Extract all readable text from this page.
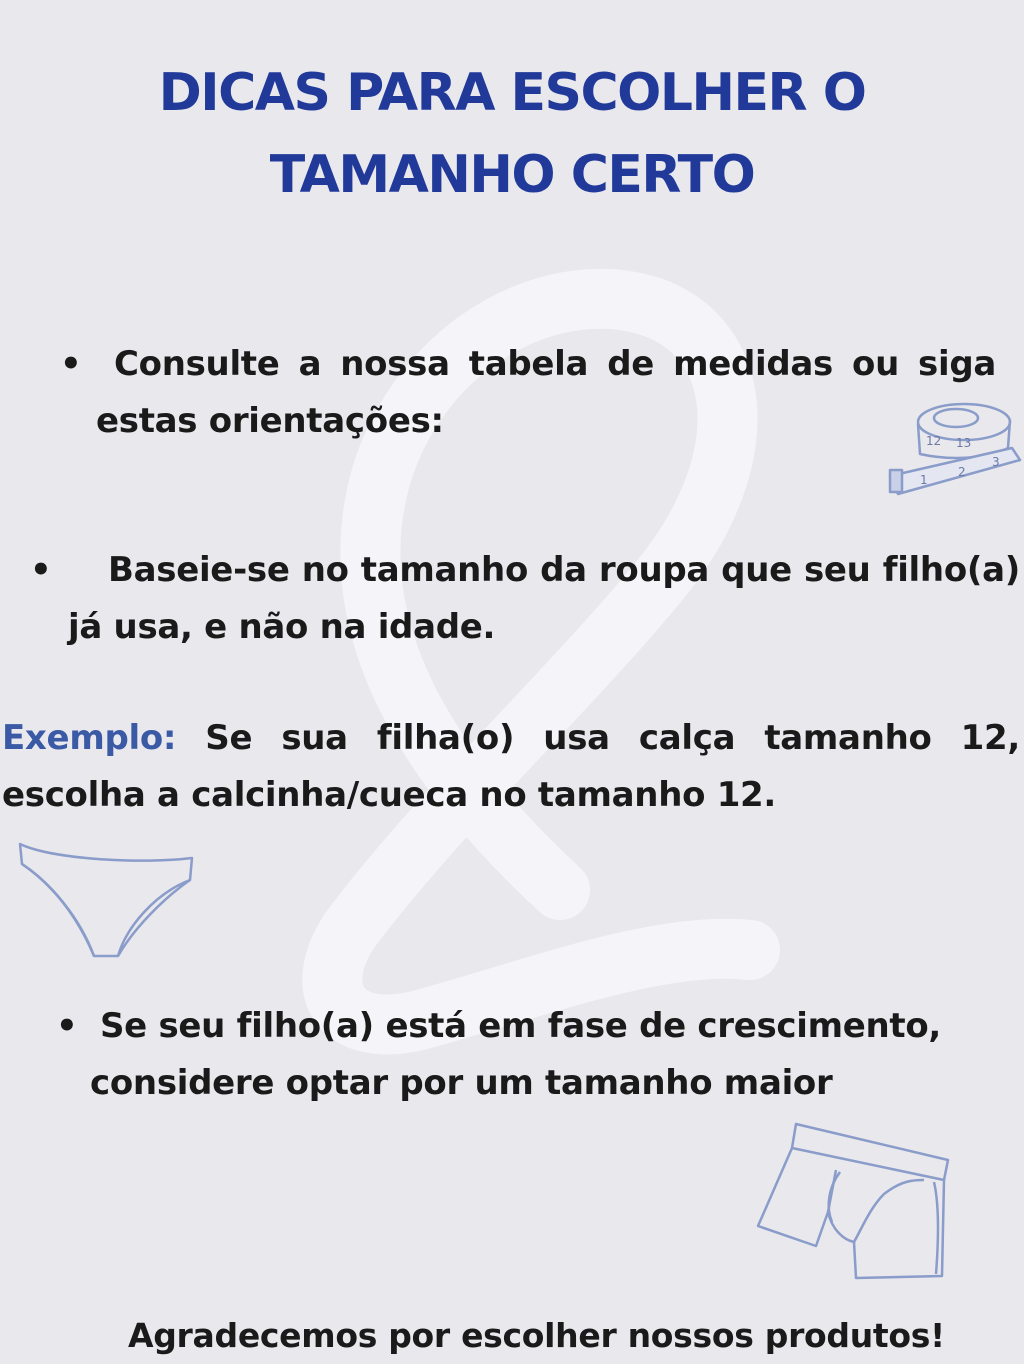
DICAS PARA ESCOLHER O
TAMANHO CERTO
• Consulte a nossa tabela de medidas ou siga estas orientações:	12 13
1
2
3
•	Baseie-se no tamanho da roupa que seu filho(a) já usa, e não na idade.

Exemplo: Se sua filha(o) usa calça tamanho 12, escolha a calcinha/cueca no tamanho 12.

• Se seu filho(a) está em fase de crescimento, considere optar por um tamanho maior

Agradecemos por escolher nossos produtos!
